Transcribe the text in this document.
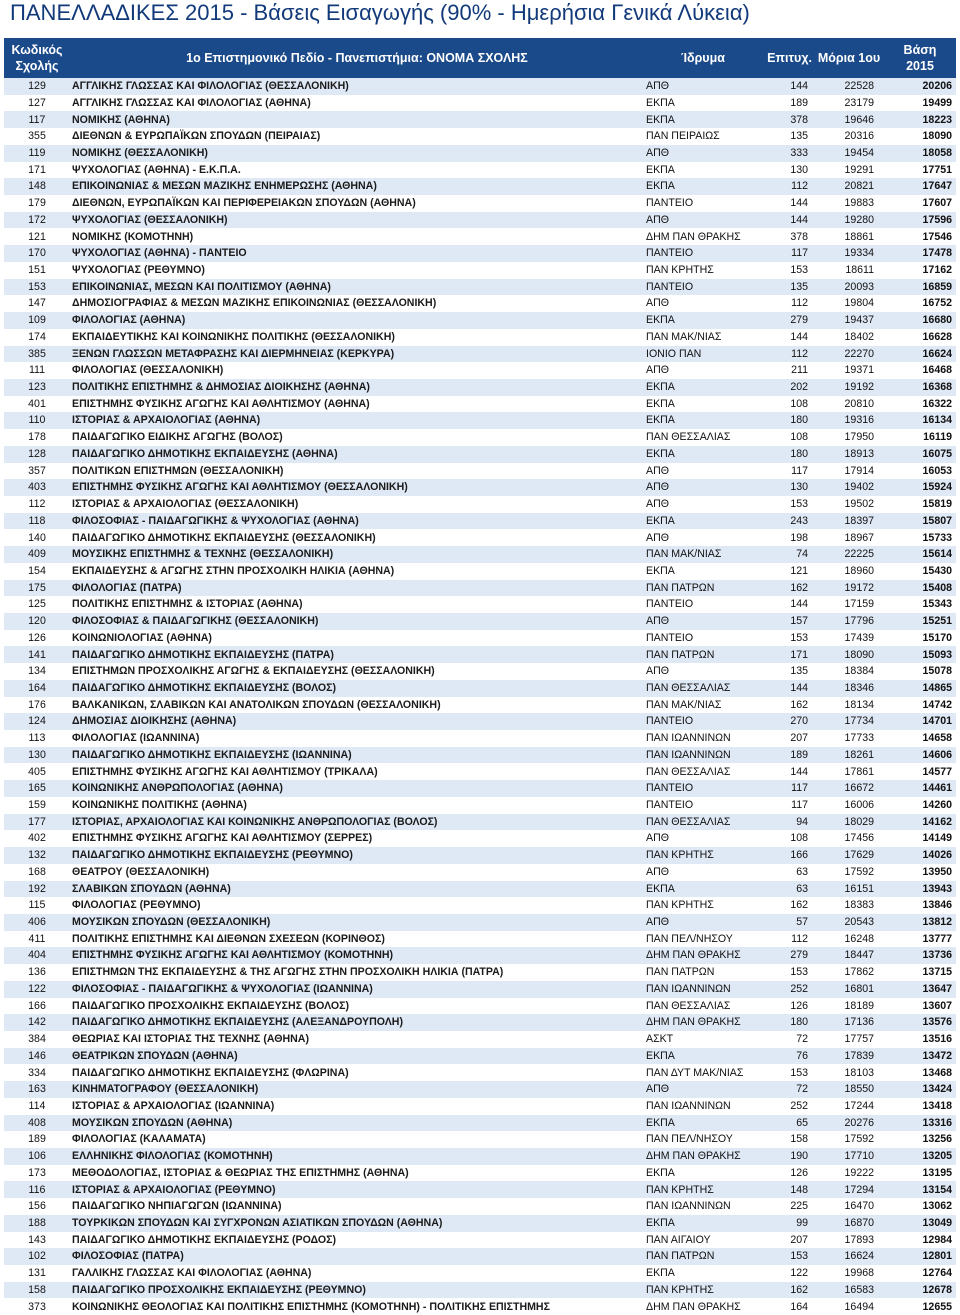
ΠΑΝΕΛΛΑΔΙΚΕΣ 2015 - Βάσεις Εισαγωγής (90% - Ημερήσια Γενικά Λύκεια)
Κωδικός Σχολής	1ο Επιστημονικό Πεδίο - Πανεπιστήμια: ΟΝΟΜΑ ΣΧΟΛΗΣ	Ίδρυμα	Επιτυχ.	Μόρια 1ου	Βάση 2015
129	ΑΓΓΛΙΚΗΣ ΓΛΩΣΣΑΣ ΚΑΙ ΦΙΛΟΛΟΓΙΑΣ (ΘΕΣΣΑΛΟΝΙΚΗ)	ΑΠΘ	144	22528	20206
127	ΑΓΓΛΙΚΗΣ ΓΛΩΣΣΑΣ ΚΑΙ ΦΙΛΟΛΟΓΙΑΣ (ΑΘΗΝΑ)	ΕΚΠΑ	189	23179	19499
117	ΝΟΜΙΚΗΣ (ΑΘΗΝΑ)	ΕΚΠΑ	378	19646	18223
355	ΔΙΕΘΝΩΝ & ΕΥΡΩΠΑΪΚΩΝ ΣΠΟΥΔΩΝ (ΠΕΙΡΑΙΑΣ)	ΠΑΝ ΠΕΙΡΑΙΩΣ	135	20316	18090
119	ΝΟΜΙΚΗΣ (ΘΕΣΣΑΛΟΝΙΚΗ)	ΑΠΘ	333	19454	18058
171	ΨΥΧΟΛΟΓΙΑΣ (ΑΘΗΝΑ) - Ε.Κ.Π.Α.	ΕΚΠΑ	130	19291	17751
148	ΕΠΙΚΟΙΝΩΝΙΑΣ & ΜΕΣΩΝ ΜΑΖΙΚΗΣ ΕΝΗΜΕΡΩΣΗΣ (ΑΘΗΝΑ)	ΕΚΠΑ	112	20821	17647
179	ΔΙΕΘΝΩΝ, ΕΥΡΩΠΑΪΚΩΝ ΚΑΙ ΠΕΡΙΦΕΡΕΙΑΚΩΝ ΣΠΟΥΔΩΝ (ΑΘΗΝΑ)	ΠΑΝΤΕΙΟ	144	19883	17607
172	ΨΥΧΟΛΟΓΙΑΣ (ΘΕΣΣΑΛΟΝΙΚΗ)	ΑΠΘ	144	19280	17596
121	ΝΟΜΙΚΗΣ (ΚΟΜΟΤΗΝΗ)	ΔΗΜ ΠΑΝ ΘΡΑΚΗΣ	378	18861	17546
170	ΨΥΧΟΛΟΓΙΑΣ (ΑΘΗΝΑ) - ΠΑΝΤΕΙΟ	ΠΑΝΤΕΙΟ	117	19334	17478
151	ΨΥΧΟΛΟΓΙΑΣ (ΡΕΘΥΜΝΟ)	ΠΑΝ ΚΡΗΤΗΣ	153	18611	17162
153	ΕΠΙΚΟΙΝΩΝΙΑΣ, ΜΕΣΩΝ ΚΑΙ ΠΟΛΙΤΙΣΜΟΥ (ΑΘΗΝΑ)	ΠΑΝΤΕΙΟ	135	20093	16859
147	ΔΗΜΟΣΙΟΓΡΑΦΙΑΣ & ΜΕΣΩΝ ΜΑΖΙΚΗΣ ΕΠΙΚΟΙΝΩΝΙΑΣ (ΘΕΣΣΑΛΟΝΙΚΗ)	ΑΠΘ	112	19804	16752
109	ΦΙΛΟΛΟΓΙΑΣ (ΑΘΗΝΑ)	ΕΚΠΑ	279	19437	16680
174	ΕΚΠΑΙΔΕΥΤΙΚΗΣ ΚΑΙ ΚΟΙΝΩΝΙΚΗΣ ΠΟΛΙΤΙΚΗΣ (ΘΕΣΣΑΛΟΝΙΚΗ)	ΠΑΝ ΜΑΚ/ΝΙΑΣ	144	18402	16628
385	ΞΕΝΩΝ ΓΛΩΣΣΩΝ ΜΕΤΑΦΡΑΣΗΣ ΚΑΙ ΔΙΕΡΜΗΝΕΙΑΣ (ΚΕΡΚΥΡΑ)	ΙΟΝΙΟ ΠΑΝ	112	22270	16624
111	ΦΙΛΟΛΟΓΙΑΣ (ΘΕΣΣΑΛΟΝΙΚΗ)	ΑΠΘ	211	19371	16468
123	ΠΟΛΙΤΙΚΗΣ ΕΠΙΣΤΗΜΗΣ & ΔΗΜΟΣΙΑΣ ΔΙΟΙΚΗΣΗΣ (ΑΘΗΝΑ)	ΕΚΠΑ	202	19192	16368
401	ΕΠΙΣΤΗΜΗΣ ΦΥΣΙΚΗΣ ΑΓΩΓΗΣ ΚΑΙ ΑΘΛΗΤΙΣΜΟΥ (ΑΘΗΝΑ)	ΕΚΠΑ	108	20810	16322
110	ΙΣΤΟΡΙΑΣ & ΑΡΧΑΙΟΛΟΓΙΑΣ (ΑΘΗΝΑ)	ΕΚΠΑ	180	19316	16134
178	ΠΑΙΔΑΓΩΓΙΚΟ ΕΙΔΙΚΗΣ ΑΓΩΓΗΣ (ΒΟΛΟΣ)	ΠΑΝ ΘΕΣΣΑΛΙΑΣ	108	17950	16119
128	ΠΑΙΔΑΓΩΓΙΚΟ ΔΗΜΟΤΙΚΗΣ ΕΚΠΑΙΔΕΥΣΗΣ (ΑΘΗΝΑ)	ΕΚΠΑ	180	18913	16075
357	ΠΟΛΙΤΙΚΩΝ ΕΠΙΣΤΗΜΩΝ (ΘΕΣΣΑΛΟΝΙΚΗ)	ΑΠΘ	117	17914	16053
403	ΕΠΙΣΤΗΜΗΣ ΦΥΣΙΚΗΣ ΑΓΩΓΗΣ ΚΑΙ ΑΘΛΗΤΙΣΜΟΥ (ΘΕΣΣΑΛΟΝΙΚΗ)	ΑΠΘ	130	19402	15924
112	ΙΣΤΟΡΙΑΣ & ΑΡΧΑΙΟΛΟΓΙΑΣ (ΘΕΣΣΑΛΟΝΙΚΗ)	ΑΠΘ	153	19502	15819
118	ΦΙΛΟΣΟΦΙΑΣ - ΠΑΙΔΑΓΩΓΙΚΗΣ & ΨΥΧΟΛΟΓΙΑΣ (ΑΘΗΝΑ)	ΕΚΠΑ	243	18397	15807
140	ΠΑΙΔΑΓΩΓΙΚΟ ΔΗΜΟΤΙΚΗΣ ΕΚΠΑΙΔΕΥΣΗΣ (ΘΕΣΣΑΛΟΝΙΚΗ)	ΑΠΘ	198	18967	15733
409	ΜΟΥΣΙΚΗΣ ΕΠΙΣΤΗΜΗΣ & ΤΕΧΝΗΣ (ΘΕΣΣΑΛΟΝΙΚΗ)	ΠΑΝ ΜΑΚ/ΝΙΑΣ	74	22225	15614
154	ΕΚΠΑΙΔΕΥΣΗΣ & ΑΓΩΓΗΣ ΣΤΗΝ ΠΡΟΣΧΟΛΙΚΗ ΗΛΙΚΙΑ (ΑΘΗΝΑ)	ΕΚΠΑ	121	18960	15430
175	ΦΙΛΟΛΟΓΙΑΣ (ΠΑΤΡΑ)	ΠΑΝ ΠΑΤΡΩΝ	162	19172	15408
125	ΠΟΛΙΤΙΚΗΣ ΕΠΙΣΤΗΜΗΣ & ΙΣΤΟΡΙΑΣ (ΑΘΗΝΑ)	ΠΑΝΤΕΙΟ	144	17159	15343
120	ΦΙΛΟΣΟΦΙΑΣ & ΠΑΙΔΑΓΩΓΙΚΗΣ (ΘΕΣΣΑΛΟΝΙΚΗ)	ΑΠΘ	157	17796	15251
126	ΚΟΙΝΩΝΙΟΛΟΓΙΑΣ (ΑΘΗΝΑ)	ΠΑΝΤΕΙΟ	153	17439	15170
141	ΠΑΙΔΑΓΩΓΙΚΟ ΔΗΜΟΤΙΚΗΣ ΕΚΠΑΙΔΕΥΣΗΣ (ΠΑΤΡΑ)	ΠΑΝ ΠΑΤΡΩΝ	171	18090	15093
134	ΕΠΙΣΤΗΜΩΝ ΠΡΟΣΧΟΛΙΚΗΣ ΑΓΩΓΗΣ & ΕΚΠΑΙΔΕΥΣΗΣ (ΘΕΣΣΑΛΟΝΙΚΗ)	ΑΠΘ	135	18384	15078
164	ΠΑΙΔΑΓΩΓΙΚΟ ΔΗΜΟΤΙΚΗΣ ΕΚΠΑΙΔΕΥΣΗΣ (ΒΟΛΟΣ)	ΠΑΝ ΘΕΣΣΑΛΙΑΣ	144	18346	14865
176	ΒΑΛΚΑΝΙΚΩΝ, ΣΛΑΒΙΚΩΝ ΚΑΙ ΑΝΑΤΟΛΙΚΩΝ ΣΠΟΥΔΩΝ (ΘΕΣΣΑΛΟΝΙΚΗ)	ΠΑΝ ΜΑΚ/ΝΙΑΣ	162	18134	14742
124	ΔΗΜΟΣΙΑΣ ΔΙΟΙΚΗΣΗΣ (ΑΘΗΝΑ)	ΠΑΝΤΕΙΟ	270	17734	14701
113	ΦΙΛΟΛΟΓΙΑΣ (ΙΩΑΝΝΙΝΑ)	ΠΑΝ ΙΩΑΝΝΙΝΩΝ	207	17733	14658
130	ΠΑΙΔΑΓΩΓΙΚΟ ΔΗΜΟΤΙΚΗΣ ΕΚΠΑΙΔΕΥΣΗΣ (ΙΩΑΝΝΙΝΑ)	ΠΑΝ ΙΩΑΝΝΙΝΩΝ	189	18261	14606
405	ΕΠΙΣΤΗΜΗΣ ΦΥΣΙΚΗΣ ΑΓΩΓΗΣ ΚΑΙ ΑΘΛΗΤΙΣΜΟΥ (ΤΡΙΚΑΛΑ)	ΠΑΝ ΘΕΣΣΑΛΙΑΣ	144	17861	14577
165	ΚΟΙΝΩΝΙΚΗΣ ΑΝΘΡΩΠΟΛΟΓΙΑΣ (ΑΘΗΝΑ)	ΠΑΝΤΕΙΟ	117	16672	14461
159	ΚΟΙΝΩΝΙΚΗΣ ΠΟΛΙΤΙΚΗΣ (ΑΘΗΝΑ)	ΠΑΝΤΕΙΟ	117	16006	14260
177	ΙΣΤΟΡΙΑΣ, ΑΡΧΑΙΟΛΟΓΙΑΣ ΚΑΙ ΚΟΙΝΩΝΙΚΗΣ ΑΝΘΡΩΠΟΛΟΓΙΑΣ (ΒΟΛΟΣ)	ΠΑΝ ΘΕΣΣΑΛΙΑΣ	94	18029	14162
402	ΕΠΙΣΤΗΜΗΣ ΦΥΣΙΚΗΣ ΑΓΩΓΗΣ ΚΑΙ ΑΘΛΗΤΙΣΜΟΥ (ΣΕΡΡΕΣ)	ΑΠΘ	108	17456	14149
132	ΠΑΙΔΑΓΩΓΙΚΟ ΔΗΜΟΤΙΚΗΣ ΕΚΠΑΙΔΕΥΣΗΣ (ΡΕΘΥΜΝΟ)	ΠΑΝ ΚΡΗΤΗΣ	166	17629	14026
168	ΘΕΑΤΡΟΥ (ΘΕΣΣΑΛΟΝΙΚΗ)	ΑΠΘ	63	17592	13950
192	ΣΛΑΒΙΚΩΝ ΣΠΟΥΔΩΝ (ΑΘΗΝΑ)	ΕΚΠΑ	63	16151	13943
115	ΦΙΛΟΛΟΓΙΑΣ (ΡΕΘΥΜΝΟ)	ΠΑΝ ΚΡΗΤΗΣ	162	18383	13846
406	ΜΟΥΣΙΚΩΝ ΣΠΟΥΔΩΝ (ΘΕΣΣΑΛΟΝΙΚΗ)	ΑΠΘ	57	20543	13812
411	ΠΟΛΙΤΙΚΗΣ ΕΠΙΣΤΗΜΗΣ ΚΑΙ ΔΙΕΘΝΩΝ ΣΧΕΣΕΩΝ (ΚΟΡΙΝΘΟΣ)	ΠΑΝ ΠΕΛ/ΝΗΣΟΥ	112	16248	13777
404	ΕΠΙΣΤΗΜΗΣ ΦΥΣΙΚΗΣ ΑΓΩΓΗΣ ΚΑΙ ΑΘΛΗΤΙΣΜΟΥ (ΚΟΜΟΤΗΝΗ)	ΔΗΜ ΠΑΝ ΘΡΑΚΗΣ	279	18447	13736
136	ΕΠΙΣΤΗΜΩΝ ΤΗΣ ΕΚΠΑΙΔΕΥΣΗΣ & ΤΗΣ ΑΓΩΓΗΣ ΣΤΗΝ ΠΡΟΣΧΟΛΙΚΗ ΗΛΙΚΙΑ (ΠΑΤΡΑ)	ΠΑΝ ΠΑΤΡΩΝ	153	17862	13715
122	ΦΙΛΟΣΟΦΙΑΣ - ΠΑΙΔΑΓΩΓΙΚΗΣ & ΨΥΧΟΛΟΓΙΑΣ (ΙΩΑΝΝΙΝΑ)	ΠΑΝ ΙΩΑΝΝΙΝΩΝ	252	16801	13647
166	ΠΑΙΔΑΓΩΓΙΚΟ ΠΡΟΣΧΟΛΙΚΗΣ ΕΚΠΑΙΔΕΥΣΗΣ (ΒΟΛΟΣ)	ΠΑΝ ΘΕΣΣΑΛΙΑΣ	126	18189	13607
142	ΠΑΙΔΑΓΩΓΙΚΟ ΔΗΜΟΤΙΚΗΣ ΕΚΠΑΙΔΕΥΣΗΣ (ΑΛΕΞΑΝΔΡΟΥΠΟΛΗ)	ΔΗΜ ΠΑΝ ΘΡΑΚΗΣ	180	17136	13576
384	ΘΕΩΡΙΑΣ ΚΑΙ ΙΣΤΟΡΙΑΣ ΤΗΣ ΤΕΧΝΗΣ (ΑΘΗΝΑ)	ΑΣΚΤ	72	17757	13516
146	ΘΕΑΤΡΙΚΩΝ ΣΠΟΥΔΩΝ (ΑΘΗΝΑ)	ΕΚΠΑ	76	17839	13472
334	ΠΑΙΔΑΓΩΓΙΚΟ ΔΗΜΟΤΙΚΗΣ ΕΚΠΑΙΔΕΥΣΗΣ (ΦΛΩΡΙΝΑ)	ΠΑΝ ΔΥΤ ΜΑΚ/ΝΙΑΣ	153	18103	13468
163	ΚΙΝΗΜΑΤΟΓΡΑΦΟΥ (ΘΕΣΣΑΛΟΝΙΚΗ)	ΑΠΘ	72	18550	13424
114	ΙΣΤΟΡΙΑΣ & ΑΡΧΑΙΟΛΟΓΙΑΣ (ΙΩΑΝΝΙΝΑ)	ΠΑΝ ΙΩΑΝΝΙΝΩΝ	252	17244	13418
408	ΜΟΥΣΙΚΩΝ ΣΠΟΥΔΩΝ (ΑΘΗΝΑ)	ΕΚΠΑ	65	20276	13316
189	ΦΙΛΟΛΟΓΙΑΣ (ΚΑΛΑΜΑΤΑ)	ΠΑΝ ΠΕΛ/ΝΗΣΟΥ	158	17592	13256
106	ΕΛΛΗΝΙΚΗΣ ΦΙΛΟΛΟΓΙΑΣ (ΚΟΜΟΤΗΝΗ)	ΔΗΜ ΠΑΝ ΘΡΑΚΗΣ	190	17710	13205
173	ΜΕΘΟΔΟΛΟΓΙΑΣ, ΙΣΤΟΡΙΑΣ & ΘΕΩΡΙΑΣ ΤΗΣ ΕΠΙΣΤΗΜΗΣ (ΑΘΗΝΑ)	ΕΚΠΑ	126	19222	13195
116	ΙΣΤΟΡΙΑΣ & ΑΡΧΑΙΟΛΟΓΙΑΣ (ΡΕΘΥΜΝΟ)	ΠΑΝ ΚΡΗΤΗΣ	148	17294	13154
156	ΠΑΙΔΑΓΩΓΙΚΟ ΝΗΠΙΑΓΩΓΩΝ (ΙΩΑΝΝΙΝΑ)	ΠΑΝ ΙΩΑΝΝΙΝΩΝ	225	16470	13062
188	ΤΟΥΡΚΙΚΩΝ ΣΠΟΥΔΩΝ ΚΑΙ ΣΥΓΧΡΟΝΩΝ ΑΣΙΑΤΙΚΩΝ ΣΠΟΥΔΩΝ (ΑΘΗΝΑ)	ΕΚΠΑ	99	16870	13049
143	ΠΑΙΔΑΓΩΓΙΚΟ ΔΗΜΟΤΙΚΗΣ ΕΚΠΑΙΔΕΥΣΗΣ (ΡΟΔΟΣ)	ΠΑΝ ΑΙΓΑΙΟΥ	207	17893	12984
102	ΦΙΛΟΣΟΦΙΑΣ (ΠΑΤΡΑ)	ΠΑΝ ΠΑΤΡΩΝ	153	16624	12801
131	ΓΑΛΛΙΚΗΣ ΓΛΩΣΣΑΣ ΚΑΙ ΦΙΛΟΛΟΓΙΑΣ (ΑΘΗΝΑ)	ΕΚΠΑ	122	19968	12764
158	ΠΑΙΔΑΓΩΓΙΚΟ ΠΡΟΣΧΟΛΙΚΗΣ ΕΚΠΑΙΔΕΥΣΗΣ (ΡΕΘΥΜΝΟ)	ΠΑΝ ΚΡΗΤΗΣ	162	16583	12678
373	ΚΟΙΝΩΝΙΚΗΣ ΘΕΟΛΟΓΙΑΣ ΚΑΙ ΠΟΛΙΤΙΚΗΣ ΕΠΙΣΤΗΜΗΣ (ΚΟΜΟΤΗΝΗ) - ΠΟΛΙΤΙΚΗΣ ΕΠΙΣΤΗΜΗΣ	ΔΗΜ ΠΑΝ ΘΡΑΚΗΣ	164	16494	12655
